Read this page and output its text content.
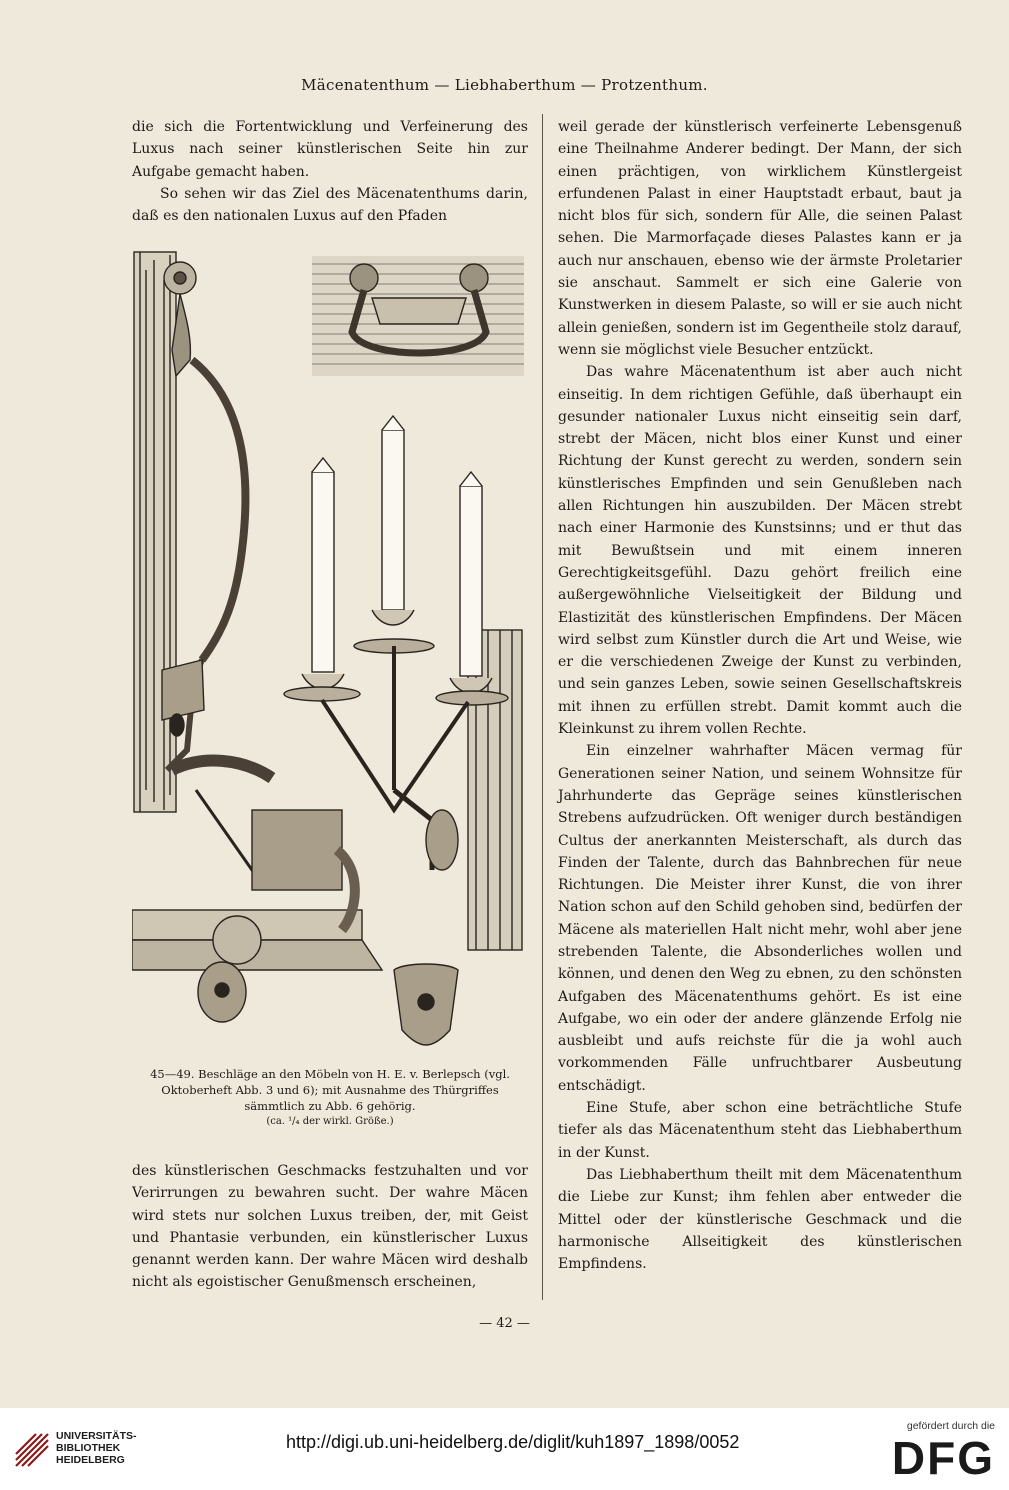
Mäcenatenthum — Liebhaberthum — Protzenthum.

die sich die Fortentwicklung und Verfeinerung des Luxus nach seiner künstlerischen Seite hin zur Aufgabe gemacht haben.

So sehen wir das Ziel des Mäcenatenthums darin, daß es den nationalen Luxus auf den Pfaden

45—49. Beschläge an den Möbeln von H. E. v. Berlepsch (vgl. Oktoberheft Abb. 3 und 6); mit Ausnahme des Thürgriffes sämmtlich zu Abb. 6 gehörig.
(ca. ¹/₄ der wirkl. Größe.)

des künstlerischen Geschmacks festzuhalten und vor Verirrungen zu bewahren sucht. Der wahre Mäcen wird stets nur solchen Luxus treiben, der, mit Geist und Phantasie verbunden, ein künstlerischer Luxus genannt werden kann. Der wahre Mäcen wird deshalb nicht als egoistischer Genußmensch erscheinen,

weil gerade der künstlerisch verfeinerte Lebensgenuß eine Theilnahme Anderer bedingt. Der Mann, der sich einen prächtigen, von wirklichem Künstlergeist erfundenen Palast in einer Hauptstadt erbaut, baut ja nicht blos für sich, sondern für Alle, die seinen Palast sehen. Die Marmorfaçade dieses Palastes kann er ja auch nur anschauen, ebenso wie der ärmste Proletarier sie anschaut. Sammelt er sich eine Galerie von Kunstwerken in diesem Palaste, so will er sie auch nicht allein genießen, sondern ist im Gegentheile stolz darauf, wenn sie möglichst viele Besucher entzückt.

Das wahre Mäcenatenthum ist aber auch nicht einseitig. In dem richtigen Gefühle, daß überhaupt ein gesunder nationaler Luxus nicht einseitig sein darf, strebt der Mäcen, nicht blos einer Kunst und einer Richtung der Kunst gerecht zu werden, sondern sein künstlerisches Empfinden und sein Genußleben nach allen Richtungen hin auszubilden. Der Mäcen strebt nach einer Harmonie des Kunstsinns; und er thut das mit Bewußtsein und mit einem inneren Gerechtigkeitsgefühl. Dazu gehört freilich eine außergewöhnliche Vielseitigkeit der Bildung und Elastizität des künstlerischen Empfindens. Der Mäcen wird selbst zum Künstler durch die Art und Weise, wie er die verschiedenen Zweige der Kunst zu verbinden, und sein ganzes Leben, sowie seinen Gesellschaftskreis mit ihnen zu erfüllen strebt. Damit kommt auch die Kleinkunst zu ihrem vollen Rechte.

Ein einzelner wahrhafter Mäcen vermag für Generationen seiner Nation, und seinem Wohnsitze für Jahrhunderte das Gepräge seines künstlerischen Strebens aufzudrücken. Oft weniger durch beständigen Cultus der anerkannten Meisterschaft, als durch das Finden der Talente, durch das Bahnbrechen für neue Richtungen. Die Meister ihrer Kunst, die von ihrer Nation schon auf den Schild gehoben sind, bedürfen der Mäcene als materiellen Halt nicht mehr, wohl aber jene strebenden Talente, die Absonderliches wollen und können, und denen den Weg zu ebnen, zu den schönsten Aufgaben des Mäcenatenthums gehört. Es ist eine Aufgabe, wo ein oder der andere glänzende Erfolg nie ausbleibt und aufs reichste für die ja wohl auch vorkommenden Fälle unfruchtbarer Ausbeutung entschädigt.

Eine Stufe, aber schon eine beträchtliche Stufe tiefer als das Mäcenatenthum steht das Liebhaberthum in der Kunst.

Das Liebhaberthum theilt mit dem Mäcenatenthum die Liebe zur Kunst; ihm fehlen aber entweder die Mittel oder der künstlerische Geschmack und die harmonische Allseitigkeit des künstlerischen Empfindens.

— 42 —
UNIVERSITÄTS-
BIBLIOTHEK
HEIDELBERG
http://digi.ub.uni-heidelberg.de/diglit/kuh1897_1898/0052
gefördert durch die
DFG
